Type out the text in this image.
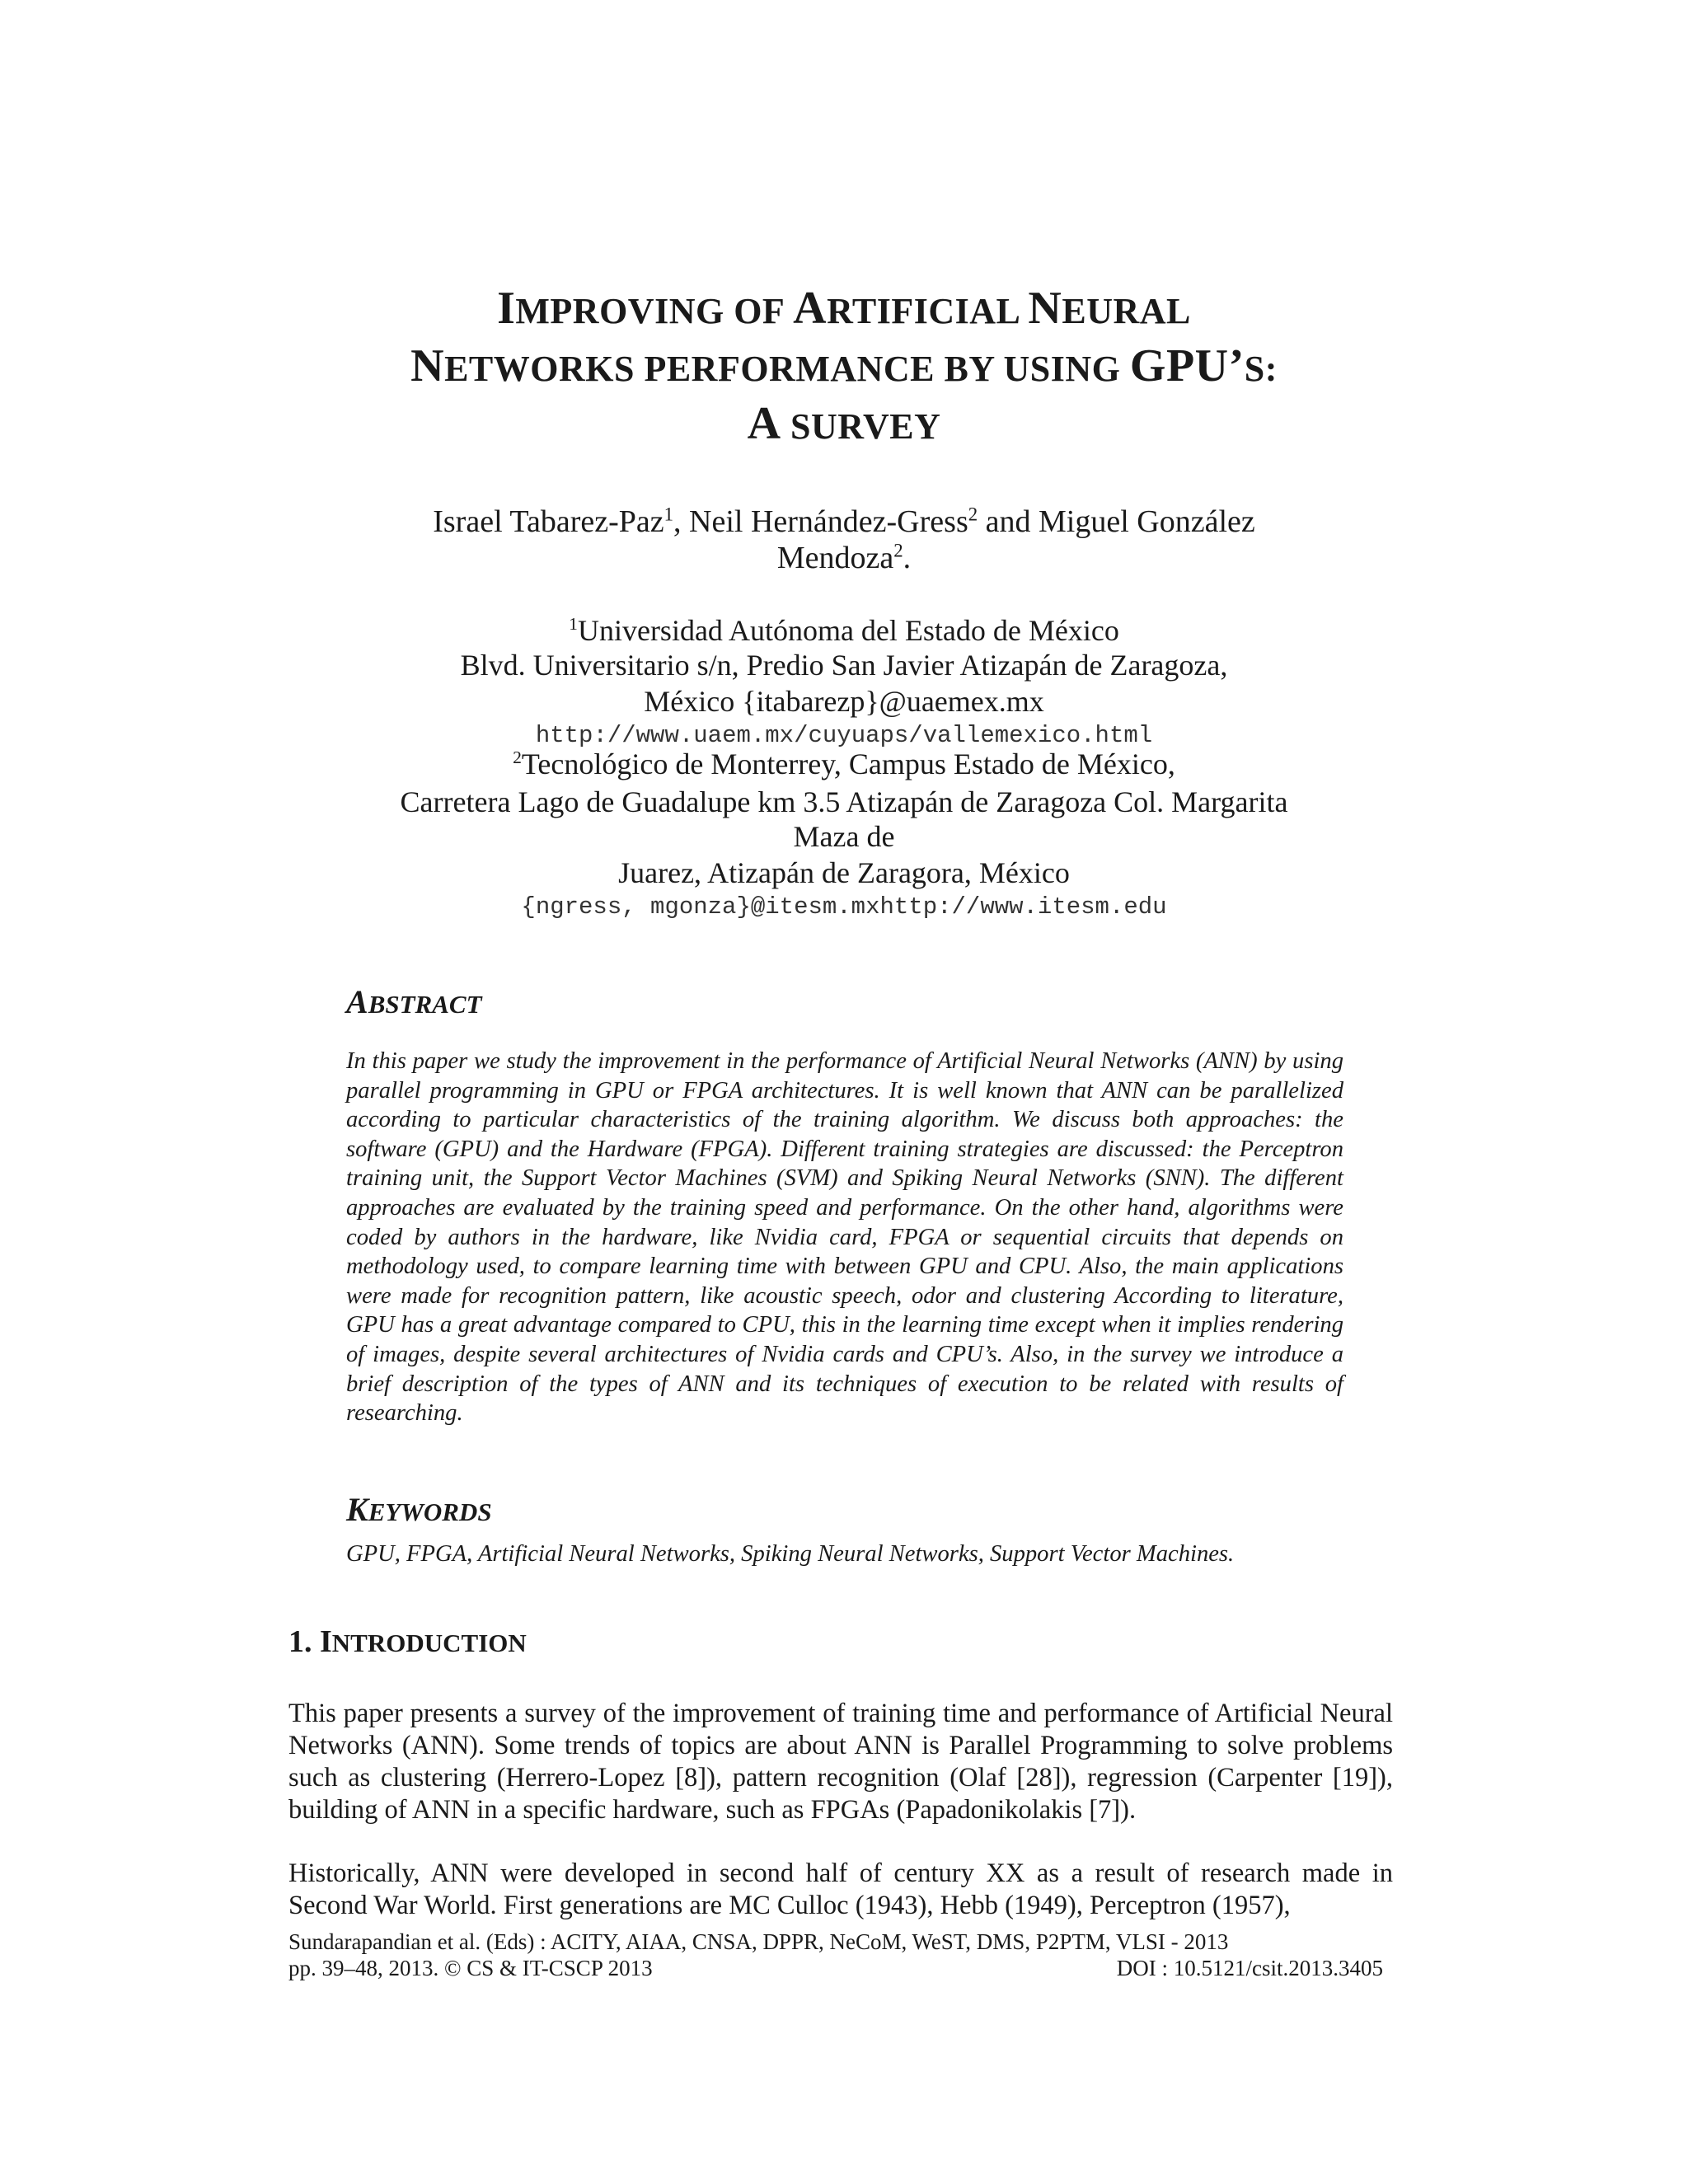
IMPROVING OF ARTIFICIAL NEURAL
NETWORKS PERFORMANCE BY USING GPU’S:
A SURVEY
Israel Tabarez-Paz$^1$, Neil Hernández-Gress$^2$ and Miguel González
Mendoza$^2$.
$^1$Universidad Autónoma del Estado de México
Blvd. Universitario s/n, Predio San Javier Atizapán de Zaragoza,
México {itabarezp}@uaemex.mx
http://www.uaem.mx/cuyuaps/vallemexico.html
$^2$Tecnológico de Monterrey, Campus Estado de México,
Carretera Lago de Guadalupe km 3.5 Atizapán de Zaragoza Col. Margarita
Maza de
Juarez, Atizapán de Zaragora, México
{ngress, mgonza}@itesm.mxhttp://www.itesm.edu
ABSTRACT
In this paper we study the improvement in the performance of Artificial Neural Networks (ANN) by using parallel programming in GPU or FPGA architectures. It is well known that ANN can be parallelized according to particular characteristics of the training algorithm. We discuss both approaches: the software (GPU) and the Hardware (FPGA). Different training strategies are discussed: the Perceptron training unit, the Support Vector Machines (SVM) and Spiking Neural Networks (SNN). The different approaches are evaluated by the training speed and performance. On the other hand, algorithms were coded by authors in the hardware, like Nvidia card, FPGA or sequential circuits that depends on methodology used, to compare learning time with between GPU and CPU. Also, the main applications were made for recognition pattern, like acoustic speech, odor and clustering According to literature, GPU has a great advantage compared to CPU, this in the learning time except when it implies rendering of images, despite several architectures of Nvidia cards and CPU’s. Also, in the survey we introduce a brief description of the types of ANN and its techniques of execution to be related with results of researching.
KEYWORDS
GPU, FPGA, Artificial Neural Networks, Spiking Neural Networks, Support Vector Machines.
1. INTRODUCTION
This paper presents a survey of the improvement of training time and performance of Artificial Neural Networks (ANN). Some trends of topics are about ANN is Parallel Programming to solve problems such as clustering (Herrero-Lopez [8]), pattern recognition (Olaf [28]), regression (Carpenter [19]), building of ANN in a specific hardware, such as FPGAs (Papadonikolakis [7]).
Historically, ANN were developed in second half of century XX as a result of research made in Second War World. First generations are MC Culloc (1943), Hebb (1949), Perceptron (1957),
Sundarapandian et al. (Eds) : ACITY, AIAA, CNSA, DPPR, NeCoM, WeST, DMS, P2PTM, VLSI - 2013
pp. 39–48, 2013. © CS & IT-CSCP 2013	DOI : 10.5121/csit.2013.3405
